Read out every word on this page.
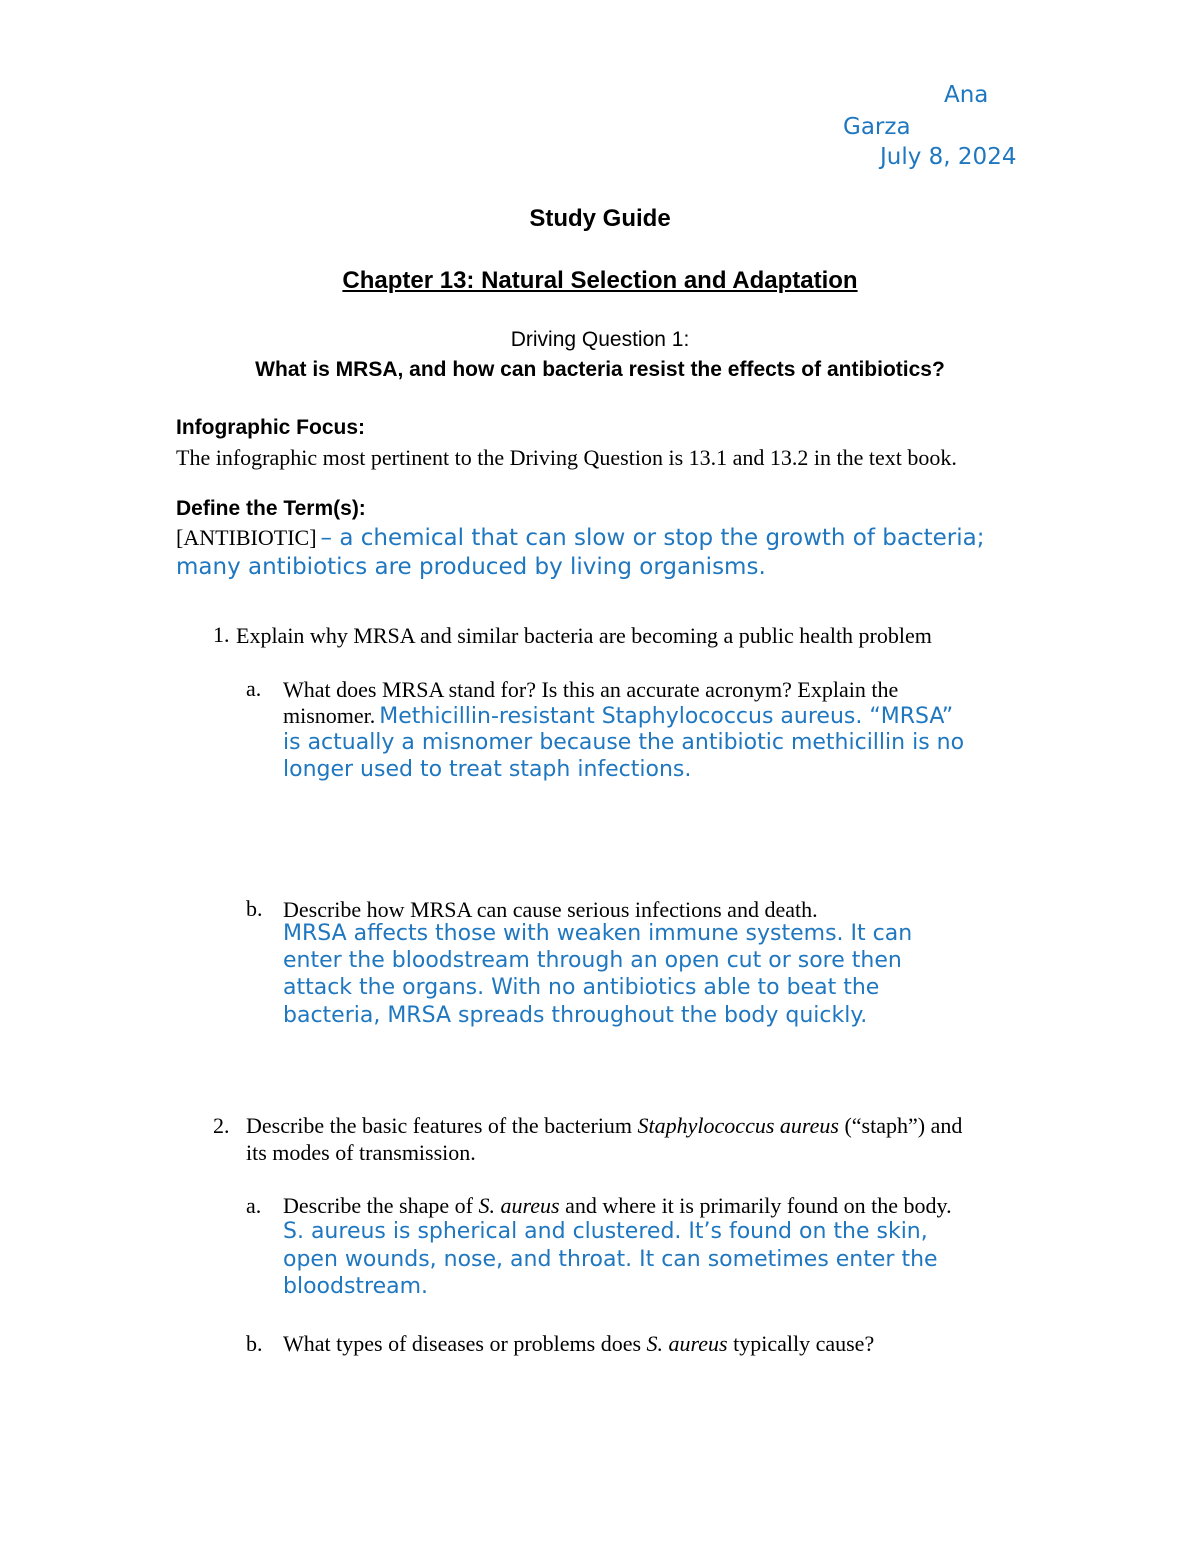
Ana
Garza
July 8, 2024
Study Guide
Chapter 13: Natural Selection and Adaptation
Driving Question 1:
What is MRSA, and how can bacteria resist the effects of antibiotics?
Infographic Focus:
The infographic most pertinent to the Driving Question is 13.1 and 13.2 in the text book.
Define the Term(s):
[ANTIBIOTIC] – a chemical that can slow or stop the growth of bacteria;
many antibiotics are produced by living organisms.
1. Explain why MRSA and similar bacteria are becoming a public health problem
a. What does MRSA stand for? Is this an accurate acronym? Explain the
misnomer. Methicillin-resistant Staphylococcus aureus. “MRSA”
is actually a misnomer because the antibiotic methicillin is no
longer used to treat staph infections.
b. Describe how MRSA can cause serious infections and death.
MRSA affects those with weaken immune systems. It can
enter the bloodstream through an open cut or sore then
attack the organs. With no antibiotics able to beat the
bacteria, MRSA spreads throughout the body quickly.
2. Describe the basic features of the bacterium Staphylococcus aureus (“staph”) and
its modes of transmission.
a. Describe the shape of S. aureus and where it is primarily found on the body.
S. aureus is spherical and clustered. It’s found on the skin,
open wounds, nose, and throat. It can sometimes enter the
bloodstream.
b. What types of diseases or problems does S. aureus typically cause?
